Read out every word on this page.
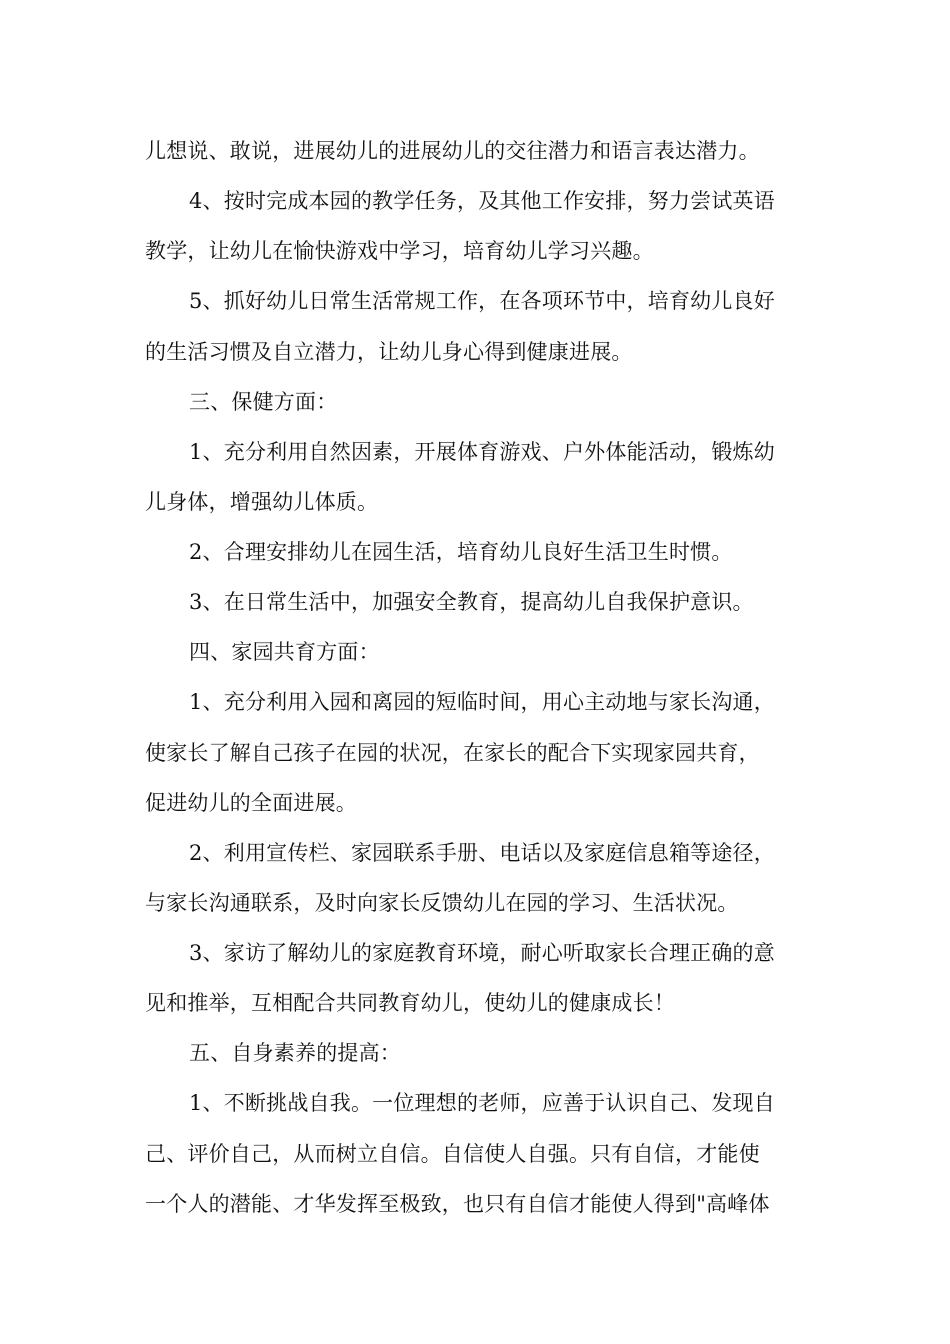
儿想说、敢说，进展幼儿的进展幼儿的交往潜力和语言表达潜力。
4、按时完成本园的教学任务，及其他工作安排，努力尝试英语
教学，让幼儿在愉快游戏中学习，培育幼儿学习兴趣。
5、抓好幼儿日常生活常规工作，在各项环节中，培育幼儿良好
的生活习惯及自立潜力，让幼儿身心得到健康进展。
三、保健方面：
1、充分利用自然因素，开展体育游戏、户外体能活动，锻炼幼
儿身体，增强幼儿体质。
2、合理安排幼儿在园生活，培育幼儿良好生活卫生时惯。
3、在日常生活中，加强安全教育，提高幼儿自我保护意识。
四、家园共育方面：
1、充分利用入园和离园的短临时间，用心主动地与家长沟通，
使家长了解自己孩子在园的状况，在家长的配合下实现家园共育，
促进幼儿的全面进展。
2、利用宣传栏、家园联系手册、电话以及家庭信息箱等途径，
与家长沟通联系，及时向家长反馈幼儿在园的学习、生活状况。
3、家访了解幼儿的家庭教育环境，耐心听取家长合理正确的意
见和推举，互相配合共同教育幼儿，使幼儿的健康成长！
五、自身素养的提高：
1、不断挑战自我。一位理想的老师，应善于认识自己、发现自
己、评价自己，从而树立自信。自信使人自强。只有自信，才能使
一个人的潜能、才华发挥至极致，也只有自信才能使人得到"高峰体
